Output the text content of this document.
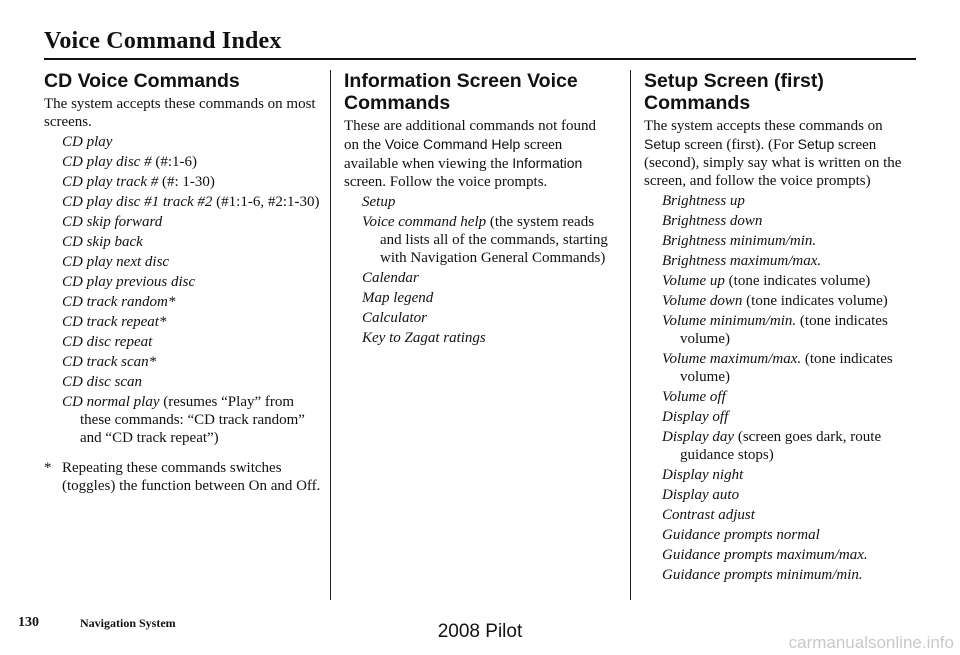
Voice Command Index
CD Voice Commands

The system accepts these commands on most screens.

CD play
CD play disc # (#:1-6)
CD play track # (#: 1-30)
CD play disc #1 track #2 (#1:1-6, #2:1-30)
CD skip forward
CD skip back
CD play next disc
CD play previous disc
CD track random*
CD track repeat*
CD disc repeat
CD track scan*
CD disc scan
CD normal play (resumes “Play” from these commands: “CD track random” and “CD track repeat”)
* Repeating these commands switches (toggles) the function between On and Off.
Information Screen Voice Commands

These are additional commands not found on the Voice Command Help screen available when viewing the Information screen. Follow the voice prompts.

Setup
Voice command help (the system reads and lists all of the commands, starting with Navigation General Commands)
Calendar
Map legend
Calculator
Key to Zagat ratings
Setup Screen (first) Commands

The system accepts these commands on Setup screen (first). (For Setup screen (second), simply say what is written on the screen, and follow the voice prompts)

Brightness up
Brightness down
Brightness minimum/min.
Brightness maximum/max.
Volume up (tone indicates volume)
Volume down (tone indicates volume)
Volume minimum/min. (tone indicates volume)
Volume maximum/max. (tone indicates volume)
Volume off
Display off
Display day (screen goes dark, route guidance stops)
Display night
Display auto
Contrast adjust
Guidance prompts normal
Guidance prompts maximum/max.
Guidance prompts minimum/min.
130	Navigation System	2008 Pilot
carmanualsonline.info
